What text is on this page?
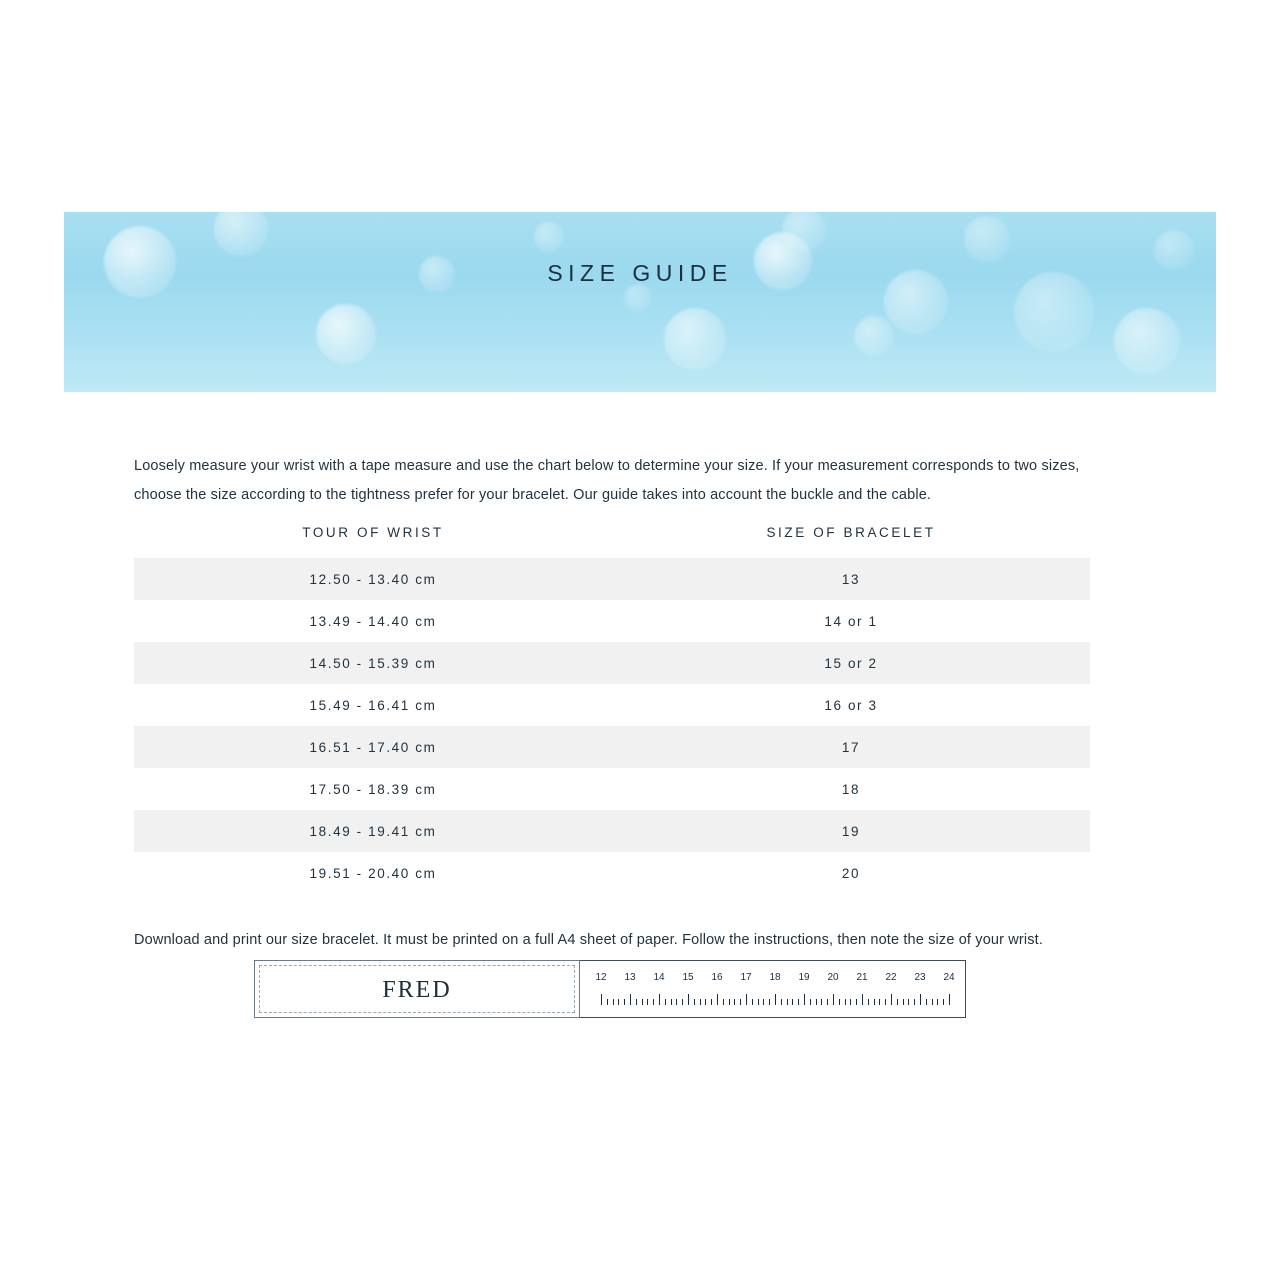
SIZE GUIDE

Loosely measure your wrist with a tape measure and use the chart below to determine your size. If your measurement corresponds to two sizes, choose the size according to the tightness prefer for your bracelet. Our guide takes into account the buckle and the cable.

TOUR OF WRIST	SIZE OF BRACELET
12.50 - 13.40 cm	13
13.49 - 14.40 cm	14 or 1
14.50 - 15.39 cm	15 or 2
15.49 - 16.41 cm	16 or 3
16.51 - 17.40 cm	17
17.50 - 18.39 cm	18
18.49 - 19.41 cm	19
19.51 - 20.40 cm	20

Download and print our size bracelet. It must be printed on a full A4 sheet of paper. Follow the instructions, then note the size of your wrist.

FRED	12 13 14 15 16 17 18 19 20 21 22 23 24
